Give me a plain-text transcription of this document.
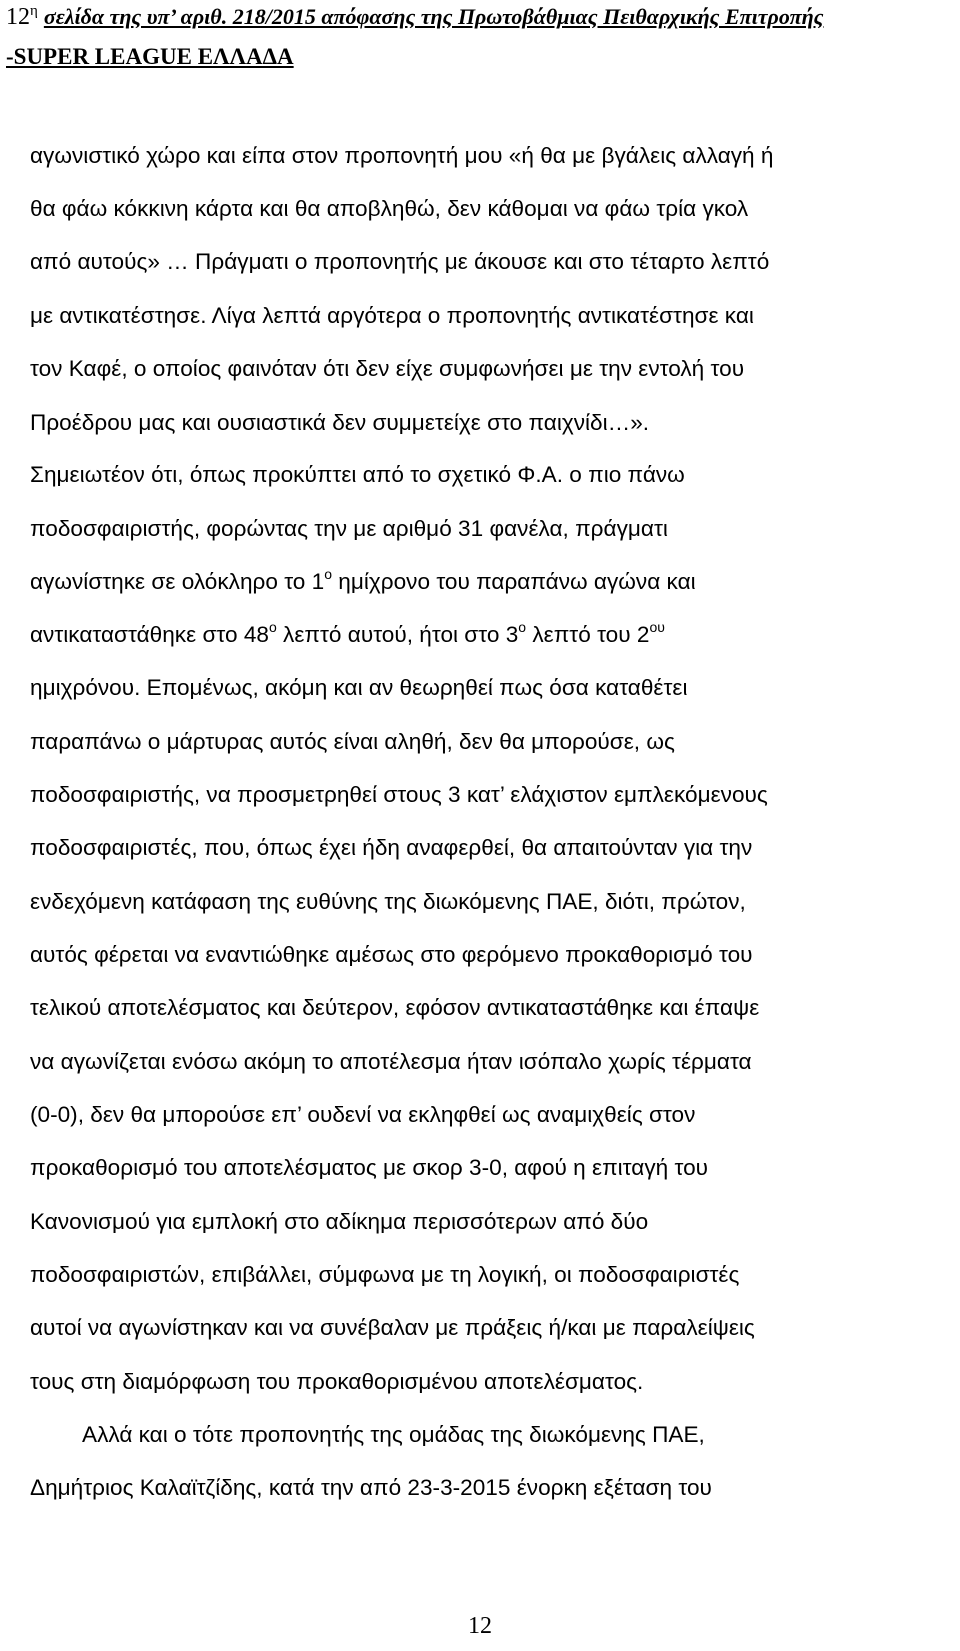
$12^\eta$ σελίδα της υπ’ αριθ. 218/2015 απόφασης της Πρωτοβάθμιας Πειθαρχικής Επιτροπής
-SUPER LEAGUE ΕΛΛΑΔΑ
αγωνιστικό χώρο και είπα στον προπονητή μου «ή θα με βγάλεις αλλαγή ή
θα φάω κόκκινη κάρτα και θα αποβληθώ, δεν κάθομαι να φάω τρία γκολ
από αυτούς» … Πράγματι ο προπονητής με άκουσε και στο τέταρτο λεπτό
με αντικατέστησε. Λίγα λεπτά αργότερα ο προπονητής αντικατέστησε και
τον Καφέ, ο οποίος φαινόταν ότι δεν είχε συμφωνήσει με την εντολή του
Προέδρου μας και ουσιαστικά δεν συμμετείχε στο παιχνίδι…».
Σημειωτέον ότι, όπως προκύπτει από το σχετικό Φ.Α. ο πιο πάνω
ποδοσφαιριστής, φορώντας την με αριθμό 31 φανέλα, πράγματι
αγωνίστηκε σε ολόκληρο το $1^o$ ημίχρονο του παραπάνω αγώνα και
αντικαταστάθηκε στο $48^o$ λεπτό αυτού, ήτοι στο $3^o$ λεπτό του $2^{o\upsilon}$
ημιχρόνου. Επομένως, ακόμη και αν θεωρηθεί πως όσα καταθέτει
παραπάνω ο μάρτυρας αυτός είναι αληθή, δεν θα μπορούσε, ως
ποδοσφαιριστής, να προσμετρηθεί στους 3 κατ’ ελάχιστον εμπλεκόμενους
ποδοσφαιριστές, που, όπως έχει ήδη αναφερθεί, θα απαιτούνταν για την
ενδεχόμενη κατάφαση της ευθύνης της διωκόμενης ΠΑΕ, διότι, πρώτον,
αυτός φέρεται να εναντιώθηκε αμέσως στο φερόμενο προκαθορισμό του
τελικού αποτελέσματος και δεύτερον, εφόσον αντικαταστάθηκε και έπαψε
να αγωνίζεται ενόσω ακόμη το αποτέλεσμα ήταν ισόπαλο χωρίς τέρματα
(0-0), δεν θα μπορούσε επ’ ουδενί να εκληφθεί ως αναμιχθείς στον
προκαθορισμό του αποτελέσματος με σκορ 3-0, αφού η επιταγή του
Κανονισμού για εμπλοκή στο αδίκημα περισσότερων από δύο
ποδοσφαιριστών, επιβάλλει, σύμφωνα με τη λογική, οι ποδοσφαιριστές
αυτοί να αγωνίστηκαν και να συνέβαλαν με πράξεις ή/και με παραλείψεις
τους στη διαμόρφωση του προκαθορισμένου αποτελέσματος.
Αλλά και ο τότε προπονητής της ομάδας της διωκόμενης ΠΑΕ,
Δημήτριος Καλαϊτζίδης, κατά την από 23-3-2015 ένορκη εξέταση του
12
